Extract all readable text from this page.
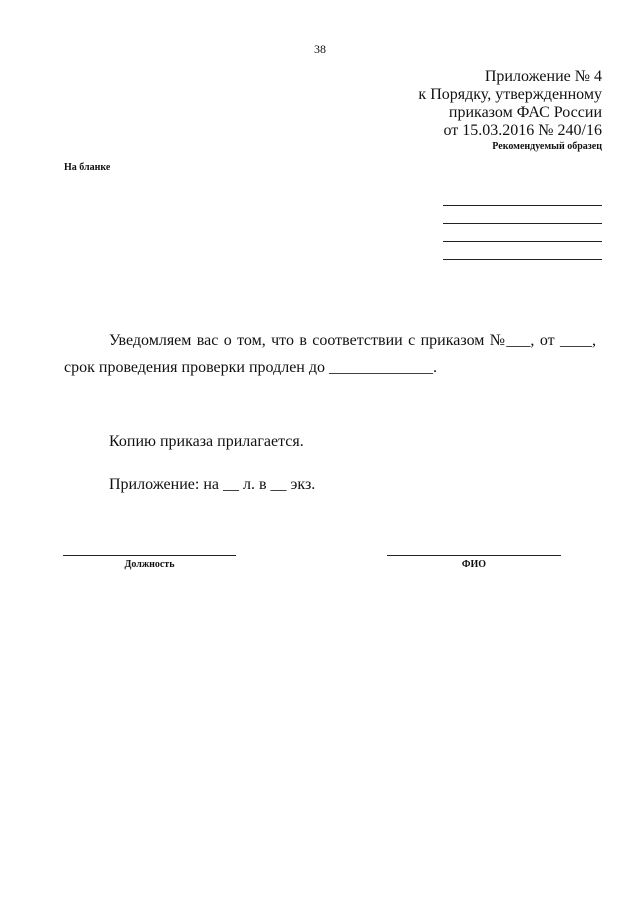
38
Приложение № 4
к Порядку, утвержденному
приказом ФАС России
от 15.03.2016 № 240/16
Рекомендуемый образец
На бланке

Уведомляем вас о том, что в соответствии с приказом №___, от ____, срок проведения проверки продлен до _____________.

Копию приказа прилагается.
Приложение: на __ л. в __ экз.
Должность	ФИО
